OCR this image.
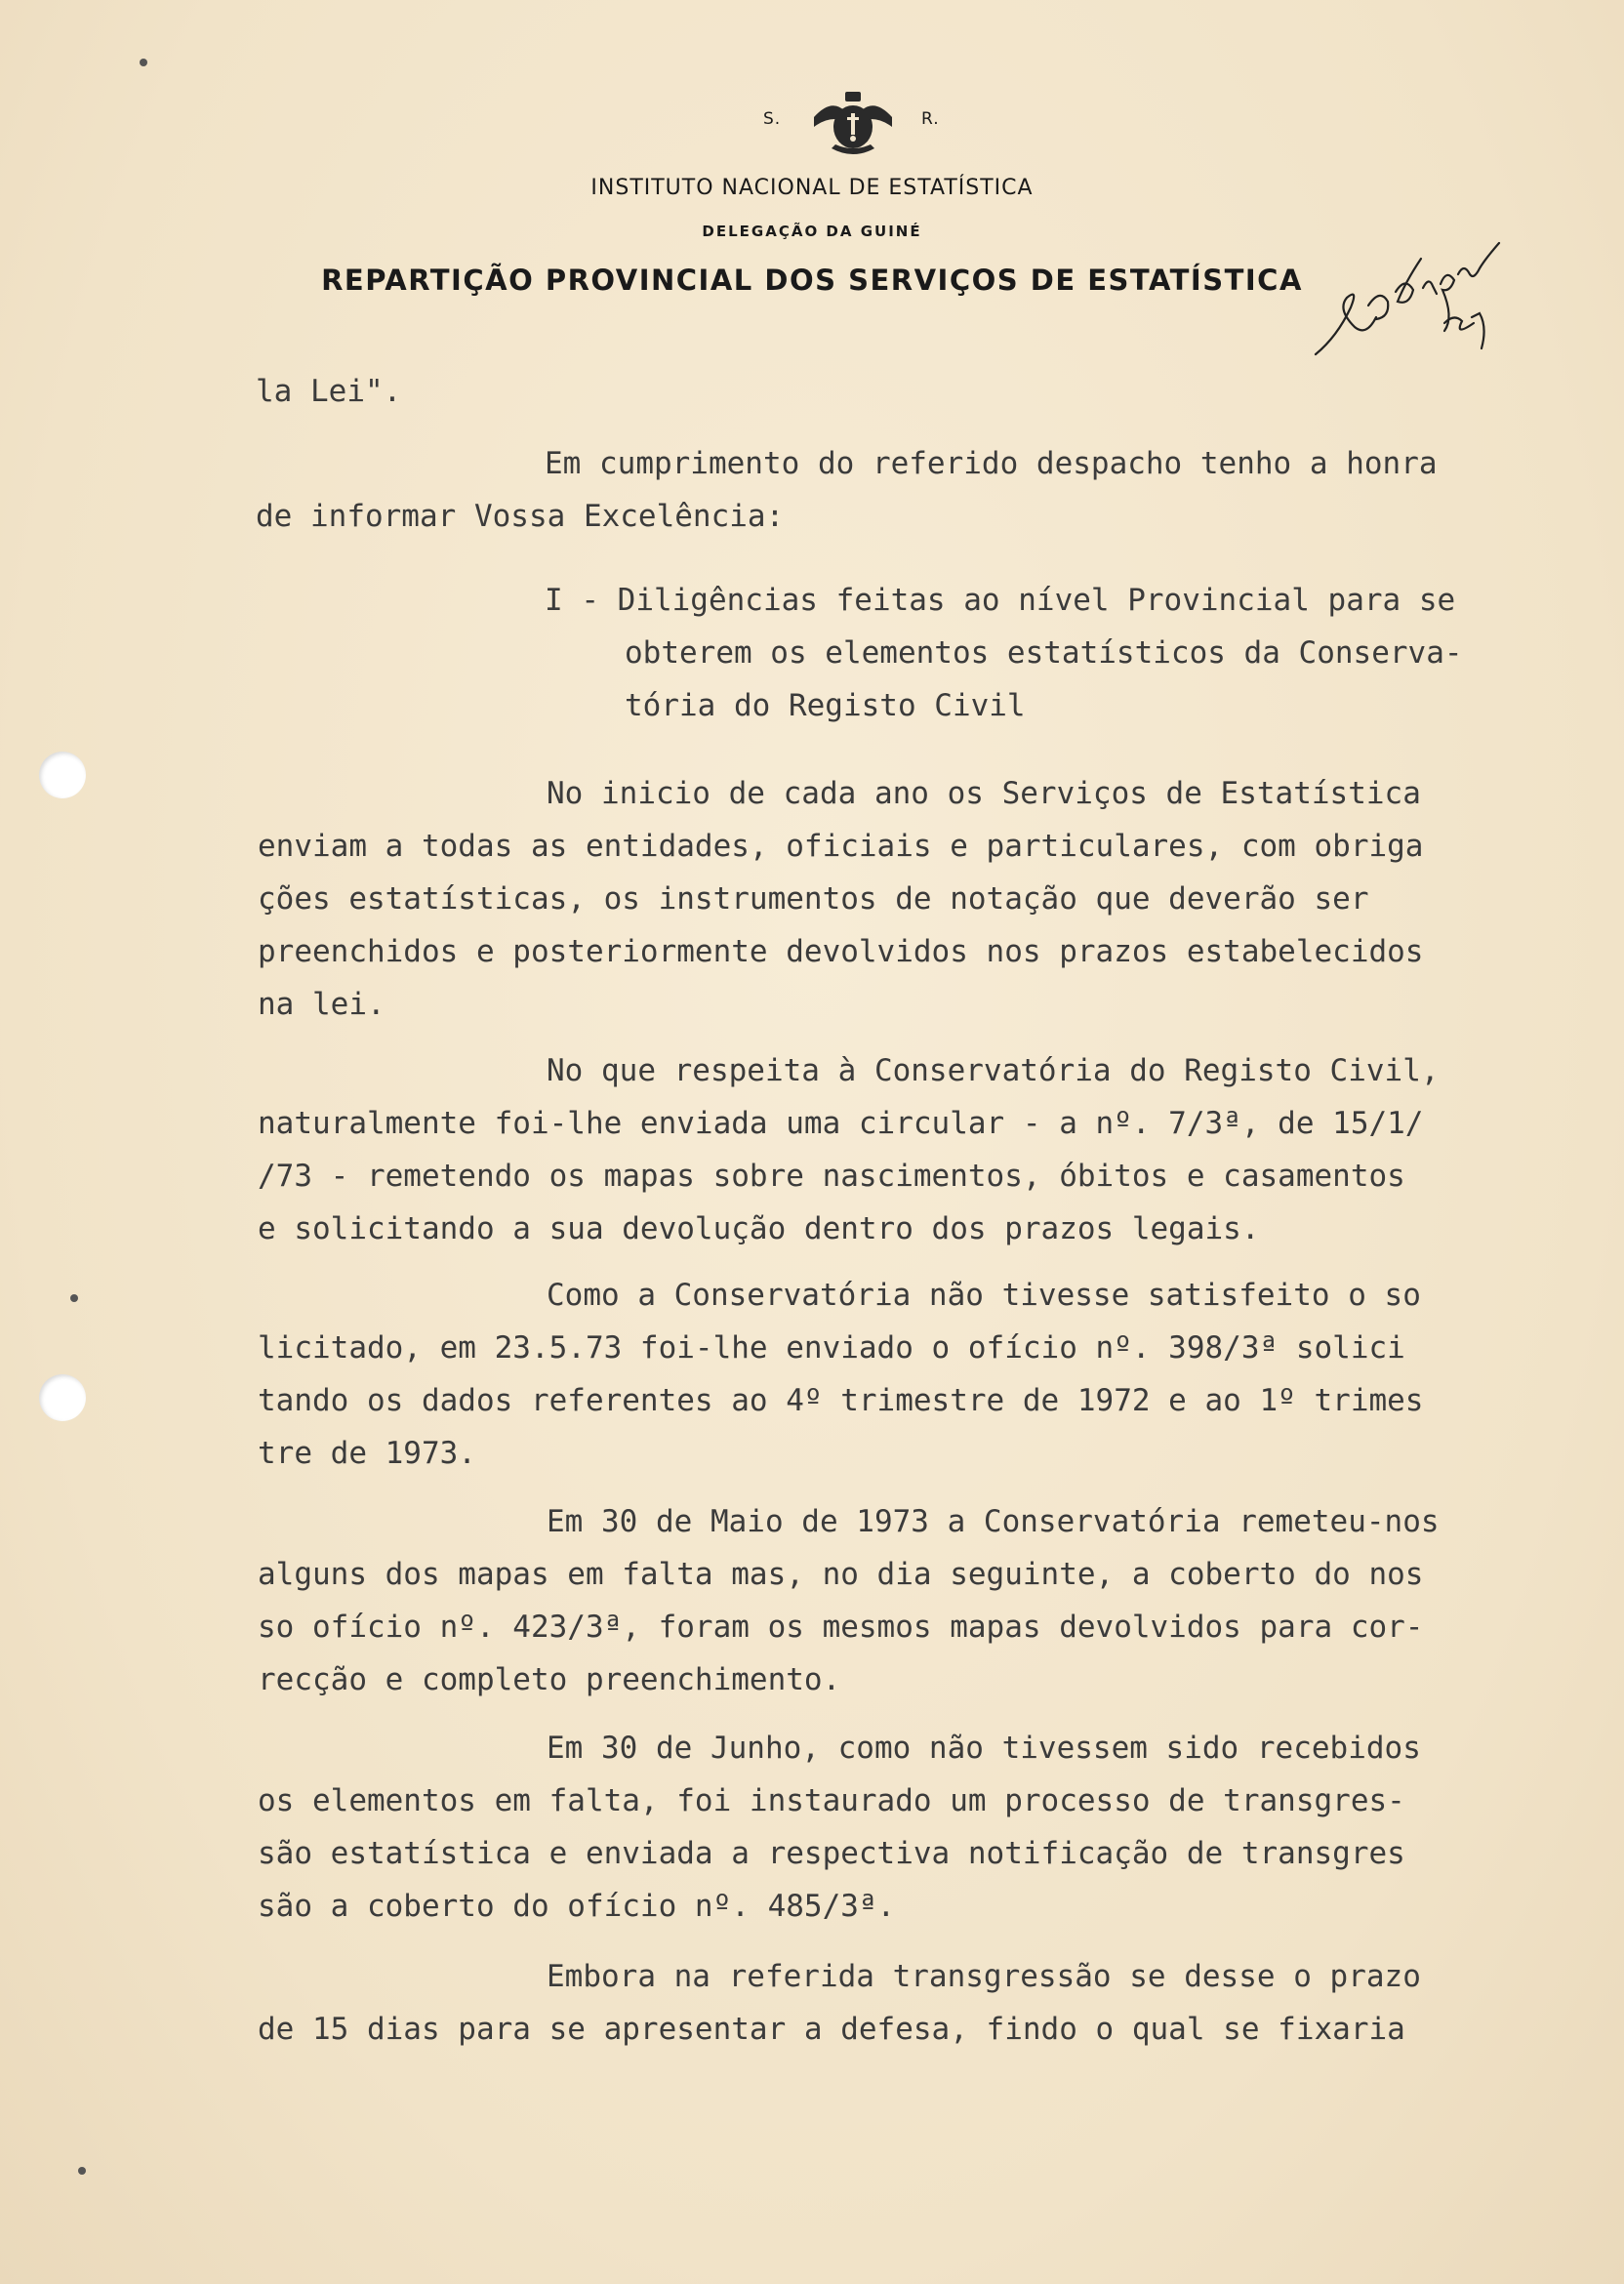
S.	R.
INSTITUTO NACIONAL DE ESTATÍSTICA
DELEGAÇÃO DA GUINÉ
REPARTIÇÃO PROVINCIAL DOS SERVIÇOS DE ESTATÍSTICA
la Lei".
Em cumprimento do referido despacho tenho a honra
de informar Vossa Excelência:
I - Diligências feitas ao nível Provincial para se
obterem os elementos estatísticos da Conserva-
tória do Registo Civil
No inicio de cada ano os Serviços de Estatística
enviam a todas as entidades, oficiais e particulares, com obriga
ções estatísticas, os instrumentos de notação que deverão ser
preenchidos e posteriormente devolvidos nos prazos estabelecidos
na lei.
No que respeita à Conservatória do Registo Civil,
naturalmente foi-lhe enviada uma circular - a nº. 7/3ª, de 15/1/
/73 - remetendo os mapas sobre nascimentos, óbitos e casamentos
e solicitando a sua devolução dentro dos prazos legais.
Como a Conservatória não tivesse satisfeito o so
licitado, em 23.5.73 foi-lhe enviado o ofício nº. 398/3ª solici
tando os dados referentes ao 4º trimestre de 1972 e ao 1º trimes
tre de 1973.
Em 30 de Maio de 1973 a Conservatória remeteu-nos
alguns dos mapas em falta mas, no dia seguinte, a coberto do nos
so ofício nº. 423/3ª, foram os mesmos mapas devolvidos para cor-
recção e completo preenchimento.
Em 30 de Junho, como não tivessem sido recebidos
os elementos em falta, foi instaurado um processo de transgres-
são estatística e enviada a respectiva notificação de transgres
são a coberto do ofício nº. 485/3ª.
Embora na referida transgressão se desse o prazo
de 15 dias para se apresentar a defesa, findo o qual se fixaria
